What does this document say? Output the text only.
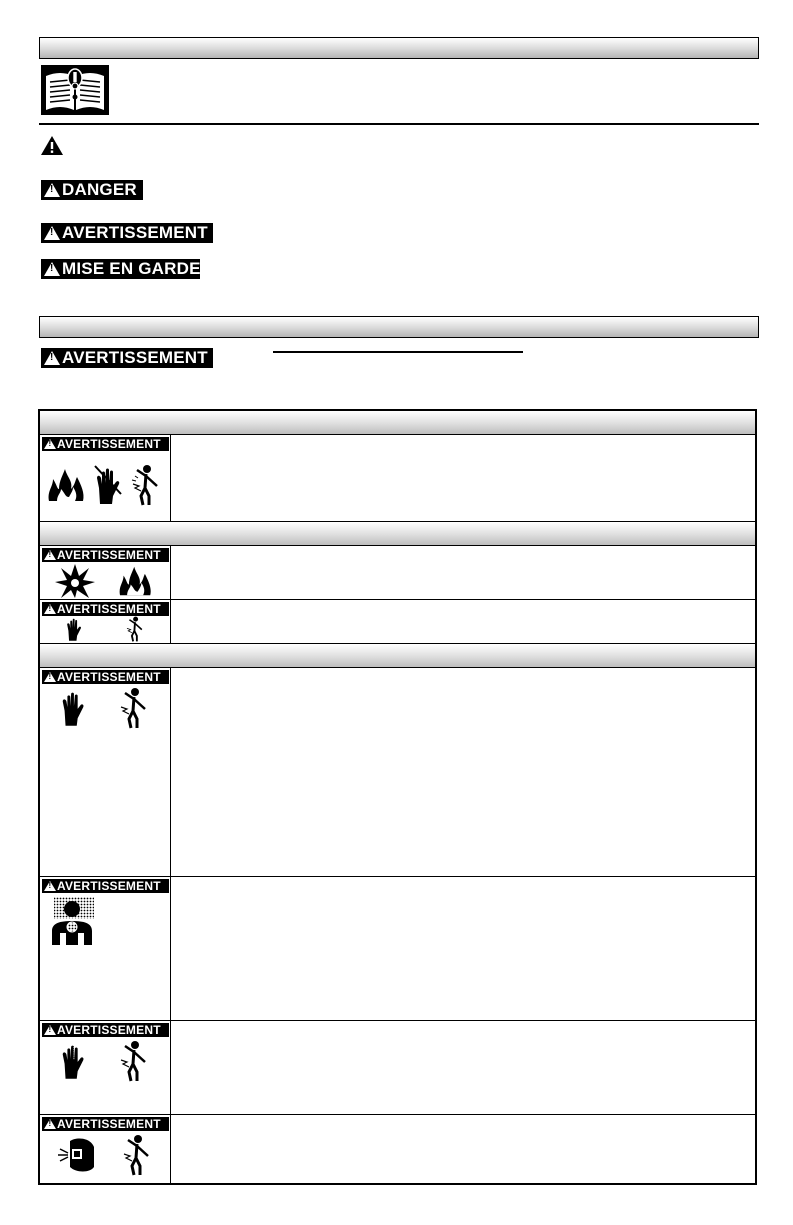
!
DANGER
!
AVERTISSEMENT
!
MISE EN GARDE
!
AVERTISSEMENT
!
AVERTISSEMENT
!
AVERTISSEMENT
!
AVERTISSEMENT
!
AVERTISSEMENT
!
AVERTISSEMENT
!
AVERTISSEMENT
!
AVERTISSEMENT
